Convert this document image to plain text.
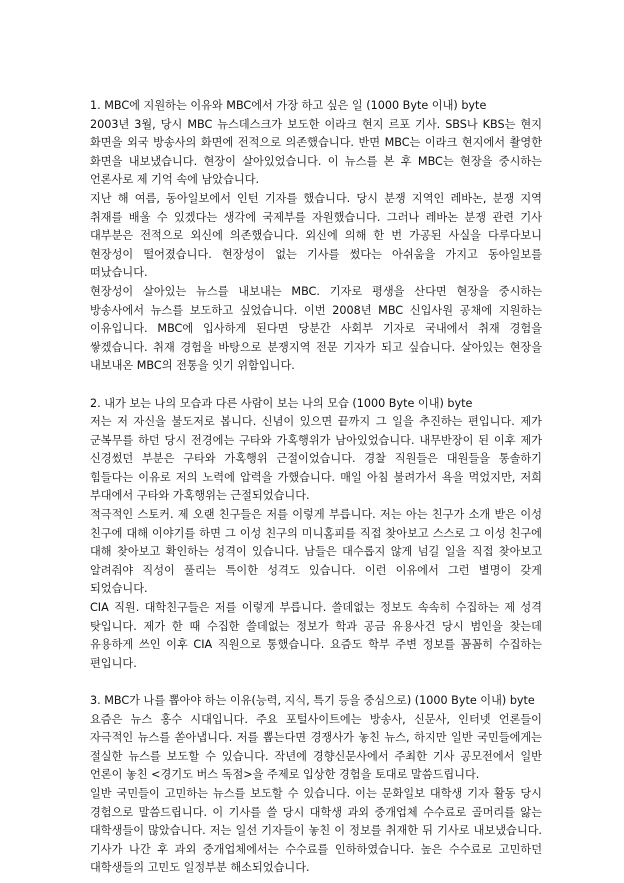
1. MBC에 지원하는 이유와 MBC에서 가장 하고 싶은 일 (1000 Byte 이내) byte

2003년 3월, 당시 MBC 뉴스데스크가 보도한 이라크 현지 르포 기사. SBS나 KBS는 현지 화면을 외국 방송사의 화면에 전적으로 의존했습니다. 반면 MBC는 이라크 현지에서 촬영한 화면을 내보냈습니다. 현장이 살아있었습니다. 이 뉴스를 본 후 MBC는 현장을 중시하는 언론사로 제 기억 속에 남았습니다.

지난 해 여름, 동아일보에서 인턴 기자를 했습니다. 당시 분쟁 지역인 레바논, 분쟁 지역 취재를 배울 수 있겠다는 생각에 국제부를 자원했습니다. 그러나 레바논 분쟁 관련 기사 대부분은 전적으로 외신에 의존했습니다. 외신에 의해 한 번 가공된 사실을 다루다보니 현장성이 떨어졌습니다. 현장성이 없는 기사를 썼다는 아쉬움을 가지고 동아일보를 떠났습니다.

현장성이 살아있는 뉴스를 내보내는 MBC. 기자로 평생을 산다면 현장을 중시하는 방송사에서 뉴스를 보도하고 싶었습니다. 이번 2008년 MBC 신입사원 공채에 지원하는 이유입니다. MBC에 입사하게 된다면 당분간 사회부 기자로 국내에서 취재 경험을 쌓겠습니다. 취재 경험을 바탕으로 분쟁지역 전문 기자가 되고 싶습니다. 살아있는 현장을 내보내온 MBC의 전통을 잇기 위함입니다.

2. 내가 보는 나의 모습과 다른 사람이 보는 나의 모습 (1000 Byte 이내) byte

저는 저 자신을 불도저로 봅니다. 신념이 있으면 끝까지 그 일을 추진하는 편입니다. 제가 군복무를 하던 당시 전경에는 구타와 가혹행위가 남아있었습니다. 내무반장이 된 이후 제가 신경썼던 부분은 구타와 가혹행위 근절이었습니다. 경찰 직원들은 대원들을 통솔하기 힘들다는 이유로 저의 노력에 압력을 가했습니다. 매일 아침 불려가서 욕을 먹었지만, 저희 부대에서 구타와 가혹행위는 근절되었습니다.

적극적인 스토커. 제 오랜 친구들은 저를 이렇게 부릅니다. 저는 아는 친구가 소개 받은 이성 친구에 대해 이야기를 하면 그 이성 친구의 미니홈피를 직접 찾아보고 스스로 그 이성 친구에 대해 찾아보고 확인하는 성격이 있습니다. 남들은 대수롭지 않게 넘길 일을 직접 찾아보고 알려줘야 직성이 풀리는 특이한 성격도 있습니다. 이런 이유에서 그런 별명이 갖게 되었습니다.

CIA 직원. 대학친구들은 저를 이렇게 부릅니다. 쓸데없는 정보도 속속히 수집하는 제 성격 탓입니다. 제가 한 때 수집한 쓸데없는 정보가 학과 공금 유용사건 당시 범인을 찾는데 유용하게 쓰인 이후 CIA 직원으로 통했습니다. 요즘도 학부 주변 정보를 꼼꼼히 수집하는 편입니다.

3. MBC가 나를 뽑아야 하는 이유(능력, 지식, 특기 등을 중심으로) (1000 Byte 이내) byte

요즘은 뉴스 홍수 시대입니다. 주요 포털사이트에는 방송사, 신문사, 인터넷 언론들이 자극적인 뉴스를 쏟아냅니다. 저를 뽑는다면 경쟁사가 놓친 뉴스, 하지만 일반 국민들에게는 절실한 뉴스를 보도할 수 있습니다. 작년에 경향신문사에서 주최한 기사 공모전에서 일반 언론이 놓친 <경기도 버스 독점>을 주제로 입상한 경험을 토대로 말씀드립니다.

일반 국민들이 고민하는 뉴스를 보도할 수 있습니다. 이는 문화일보 대학생 기자 활동 당시 경험으로 말씀드립니다. 이 기사를 쓸 당시 대학생 과외 중개업체 수수료로 골머리를 앓는 대학생들이 많았습니다. 저는 일선 기자들이 놓친 이 정보를 취재한 뒤 기사로 내보냈습니다. 기사가 나간 후 과외 중개업체에서는 수수료를 인하하였습니다. 높은 수수료로 고민하던 대학생들의 고민도 일정부분 해소되었습니다.
